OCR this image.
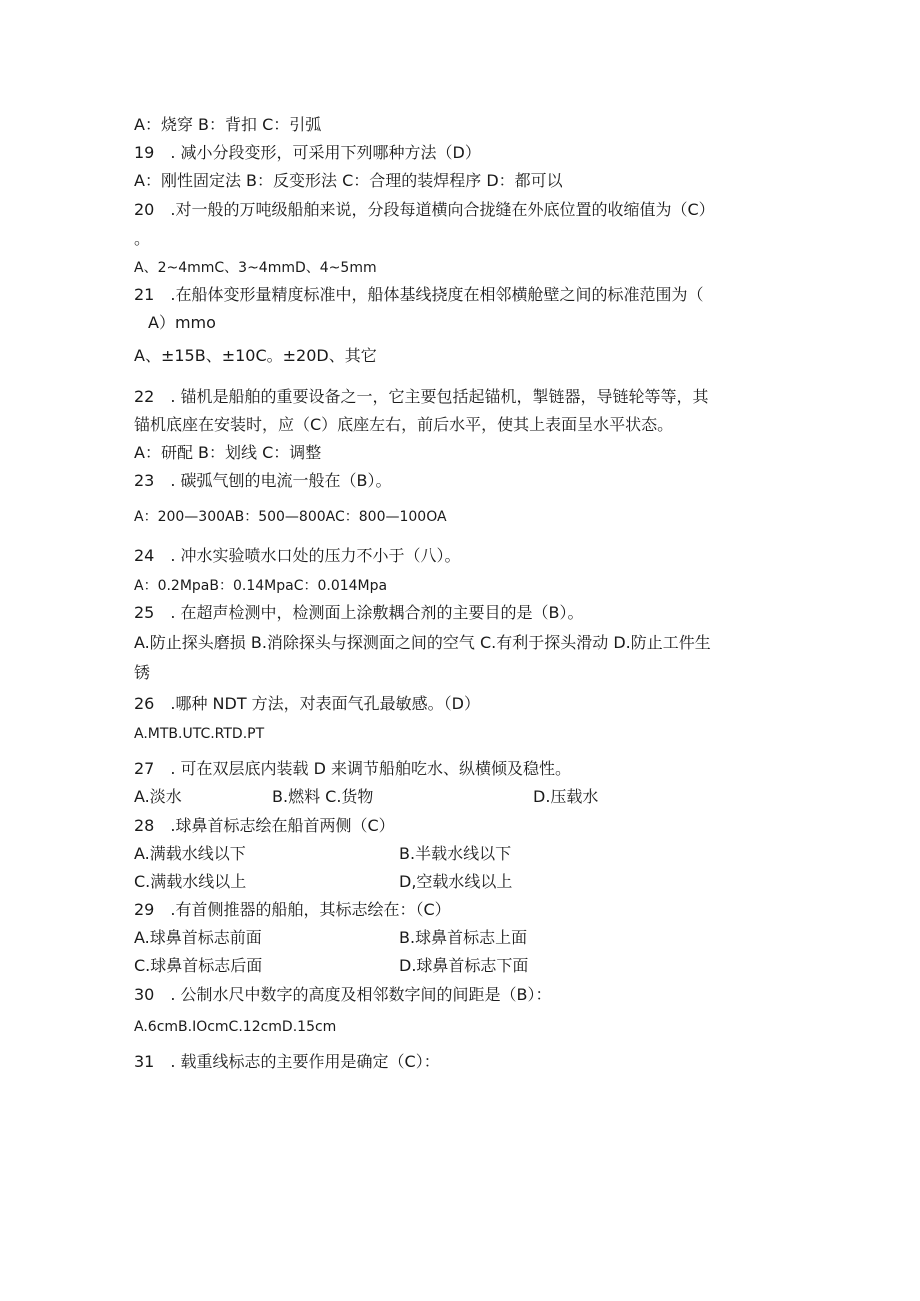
A：烧穿 B：背扣 C：引弧
19　. 减小分段变形，可采用下列哪种方法（D）
A：刚性固定法 B：反变形法 C：合理的装焊程序 D：都可以
20　.对一般的万吨级船舶来说，分段每道横向合拢缝在外底位置的收缩值为（C）
。
A、2~4mmC、3~4mmD、4~5mm
21　.在船体变形量精度标准中，船体基线挠度在相邻横舱壁之间的标准范围为（
A）mmo
A、±15B、±10C。±20D、其它
22　. 锚机是船舶的重要设备之一，它主要包括起锚机，掣链器，导链轮等等，其
锚机底座在安装时，应（C）底座左右，前后水平，使其上表面呈水平状态。
A：研配 B：划线 C：调整
23　. 碳弧气刨的电流一般在（B）。
A：200—300AB：500—800AC：800—100OA
24　. 冲水实验喷水口处的压力不小于（八）。
A：0.2MpaB：0.14MpaC：0.014Mpa
25　. 在超声检测中，检测面上涂敷耦合剂的主要目的是（B）。
A.防止探头磨损 B.消除探头与探测面之间的空气 C.有利于探头滑动 D.防止工件生
锈
26　.哪种 NDT 方法，对表面气孔最敏感。（D）
A.MTB.UTC.RTD.PT
27　. 可在双层底内装载 D 来调节船舶吃水、纵横倾及稳性。
A.淡水	B.燃料 C.货物	D.压载水
28　.球鼻首标志绘在船首两侧（C）
A.满载水线以下	B.半载水线以下
C.满载水线以上	D,空载水线以上
29　.有首侧推器的船舶，其标志绘在：（C）
A.球鼻首标志前面	B.球鼻首标志上面
C.球鼻首标志后面	D.球鼻首标志下面
30　. 公制水尺中数字的高度及相邻数字间的间距是（B）：
A.6cmB.IOcmC.12cmD.15cm
31　. 载重线标志的主要作用是确定（C）：
